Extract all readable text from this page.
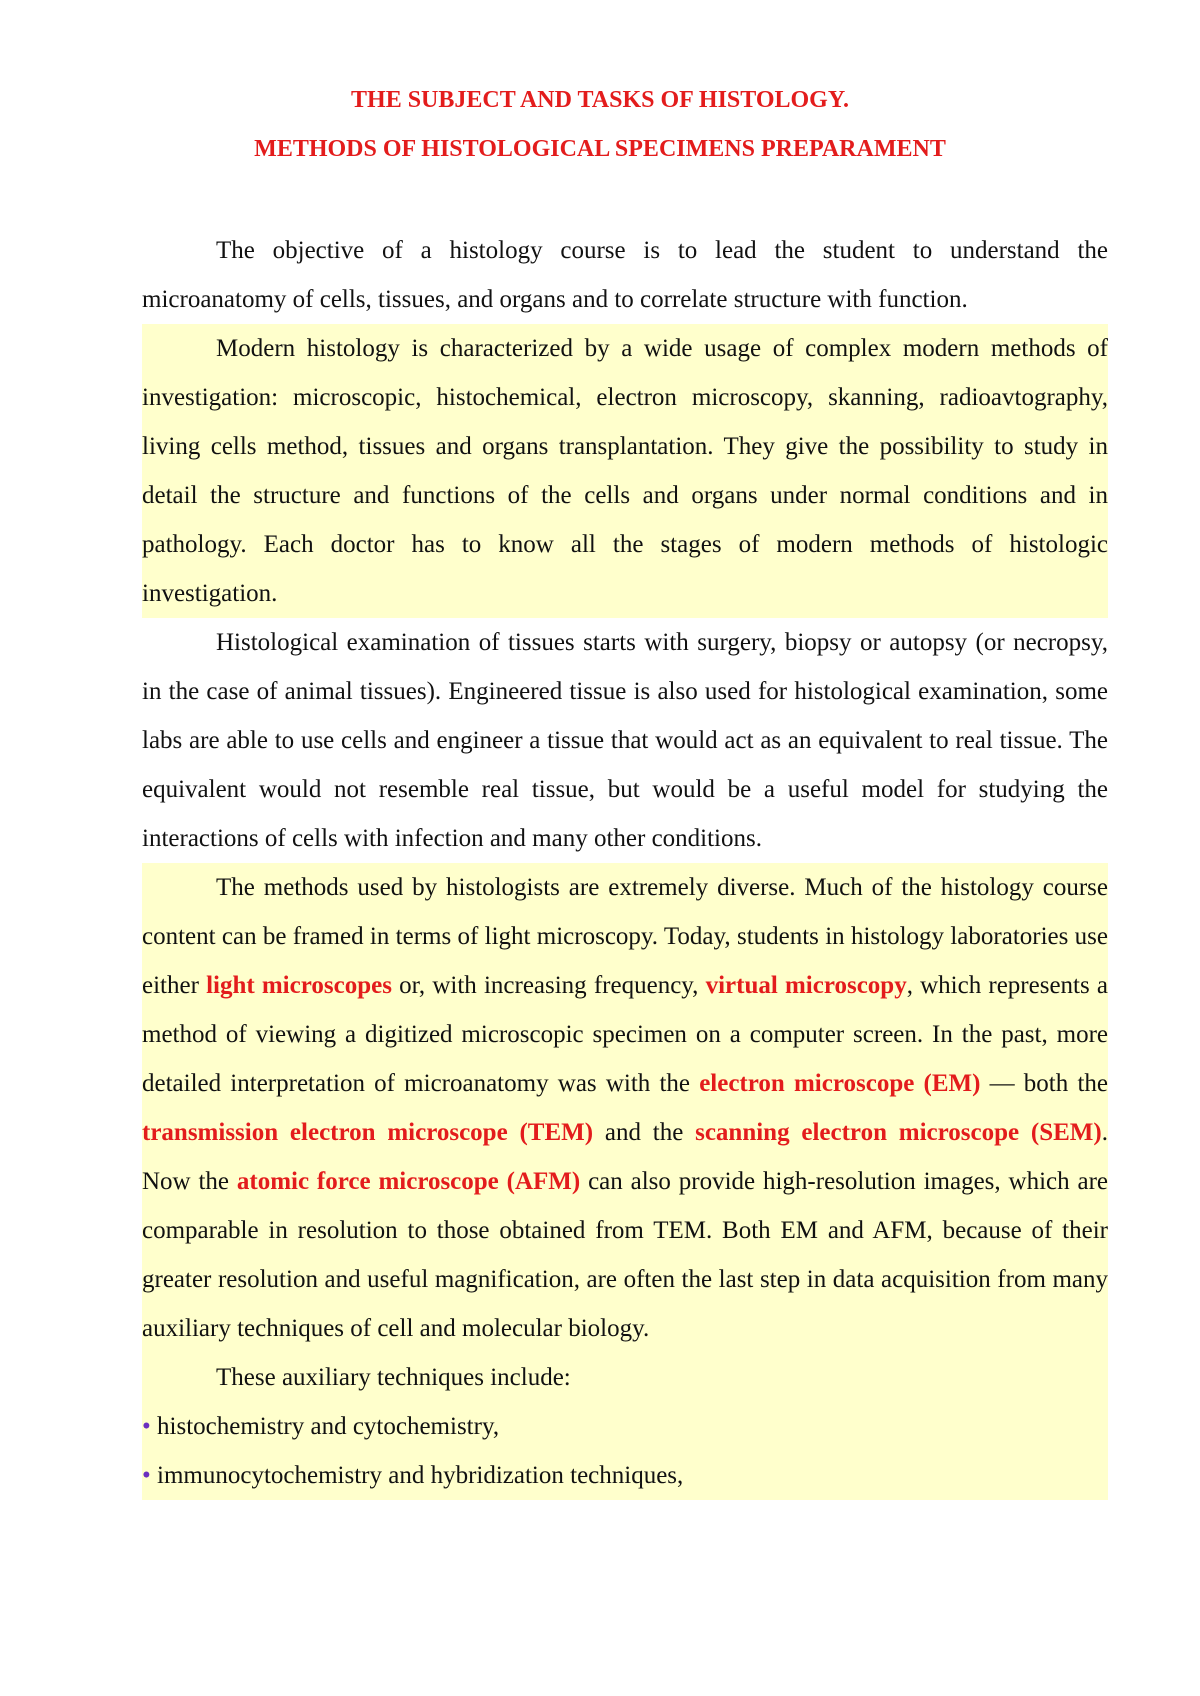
THE SUBJECT AND TASKS OF HISTOLOGY.
METHODS OF HISTOLOGICAL SPECIMENS PREPARAMENT

The objective of a histology course is to lead the student to understand the microanatomy of cells, tissues, and organs and to correlate structure with function.

Modern histology is characterized by a wide usage of complex modern methods of investigation: microscopic, histochemical, electron microscopy, skanning, radioavtography, living cells method, tissues and organs transplantation. They give the possibility to study in detail the structure and functions of the cells and organs under normal conditions and in pathology. Each doctor has to know all the stages of modern methods of histologic investigation.

Histological examination of tissues starts with surgery, biopsy or autopsy (or necropsy, in the case of animal tissues). Engineered tissue is also used for histological examination, some labs are able to use cells and engineer a tissue that would act as an equivalent to real tissue. The equivalent would not resemble real tissue, but would be a useful model for studying the interactions of cells with infection and many other conditions.

The methods used by histologists are extremely diverse. Much of the histology course content can be framed in terms of light microscopy. Today, students in histology laboratories use either light microscopes or, with increasing frequency, virtual microscopy, which represents a method of viewing a digitized microscopic specimen on a computer screen. In the past, more detailed interpretation of microanatomy was with the electron microscope (EM) — both the transmission electron microscope (TEM) and the scanning electron microscope (SEM). Now the atomic force microscope (AFM) can also provide high-resolution images, which are comparable in resolution to those obtained from TEM. Both EM and AFM, because of their greater resolution and useful magnification, are often the last step in data acquisition from many auxiliary techniques of cell and molecular biology.

These auxiliary techniques include:

• histochemistry and cytochemistry,

• immunocytochemistry and hybridization techniques,
